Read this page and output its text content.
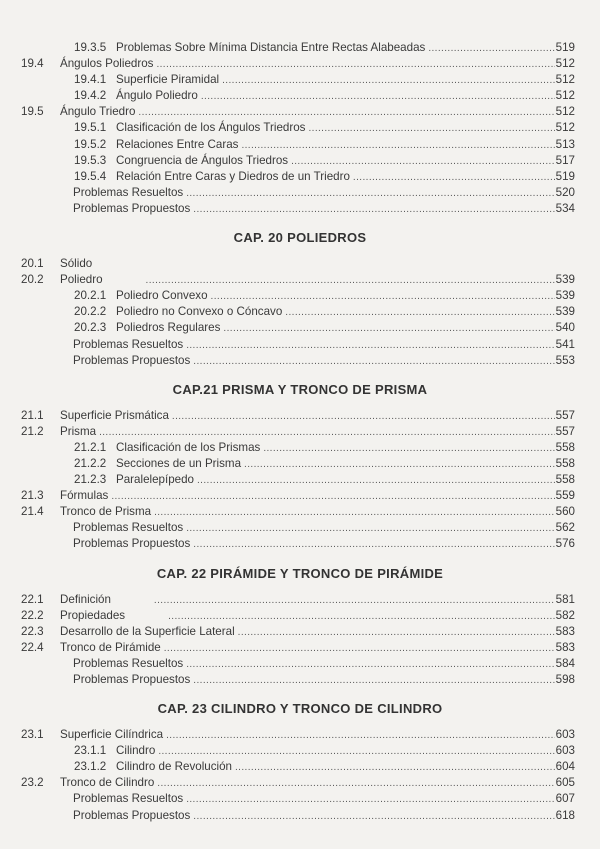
19.3.5 Problemas Sobre Mínima Distancia Entre Rectas Alabeadas .....	519
19.4 Ángulos Poliedros .....	512
19.4.1 Superficie Piramidal .....	512
19.4.2 Ángulo Poliedro .....	512
19.5 Ángulo Triedro .....	512
19.5.1 Clasificación de los Ángulos Triedros .....	512
19.5.2 Relaciones Entre Caras .....	513
19.5.3 Congruencia de Ángulos Triedros .....	517
19.5.4 Relación Entre Caras y Diedros de un Triedro .....	519
Problemas Resueltos .....	520
Problemas Propuestos .....	534
CAP. 20 POLIEDROS
20.1 Sólido
20.2 Poliedro .....	539
20.2.1 Poliedro Convexo .....	539
20.2.2 Poliedro no Convexo o Cóncavo .....	539
20.2.3 Poliedros Regulares .....	540
Problemas Resueltos .....	541
Problemas Propuestos .....	553
CAP.21 PRISMA Y TRONCO DE PRISMA
21.1 Superficie Prismática .....	557
21.2 Prisma .....	557
21.2.1 Clasificación de los Prismas .....	558
21.2.2 Secciones de un Prisma .....	558
21.2.3 Paralelepípedo .....	558
21.3 Fórmulas .....	559
21.4 Tronco de Prisma .....	560
Problemas Resueltos .....	562
Problemas Propuestos .....	576
CAP. 22 PIRÁMIDE Y TRONCO DE PIRÁMIDE
22.1 Definición .....	581
22.2 Propiedades .....	582
22.3 Desarrollo de la Superficie Lateral .....	583
22.4 Tronco de Pirámide .....	583
Problemas Resueltos .....	584
Problemas Propuestos .....	598
CAP. 23 CILINDRO Y TRONCO DE CILINDRO
23.1 Superficie Cilíndrica .....	603
23.1.1 Cilindro .....	603
23.1.2 Cilindro de Revolución .....	604
23.2 Tronco de Cilindro .....	605
Problemas Resueltos .....	607
Problemas Propuestos .....	618
